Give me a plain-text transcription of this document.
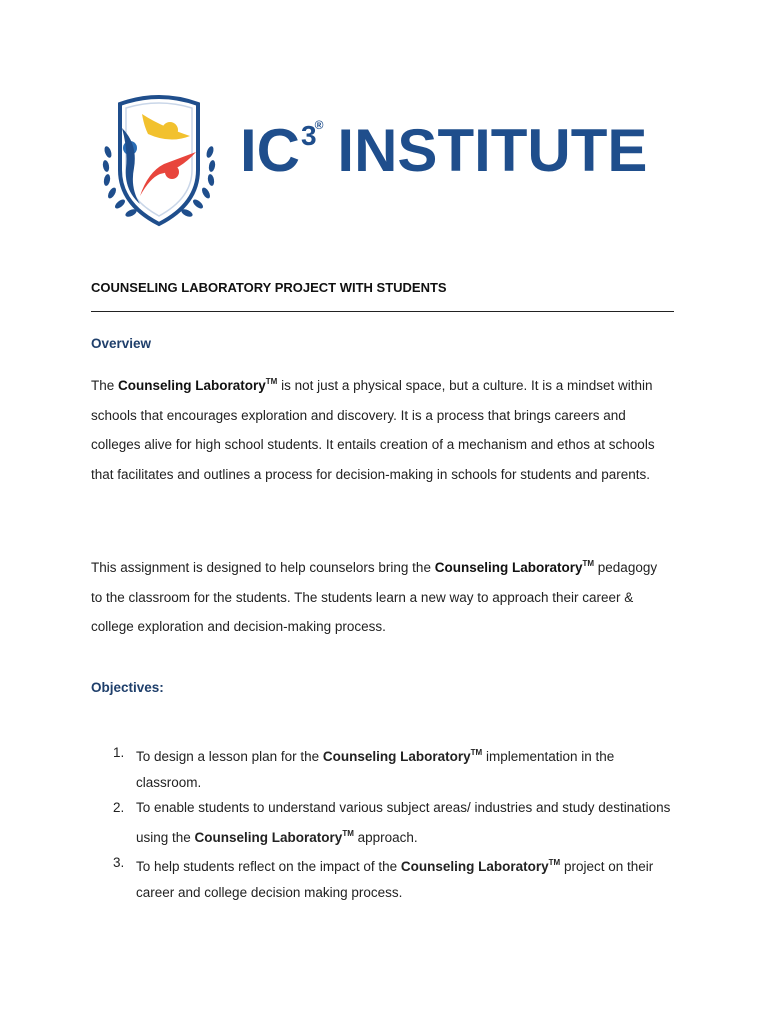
$IC^{3®}$ INSTITUTE
COUNSELING LABORATORY PROJECT WITH STUDENTS
Overview

The Counseling Laboratory™ is not just a physical space, but a culture. It is a mindset within schools that encourages exploration and discovery. It is a process that brings careers and colleges alive for high school students. It entails creation of a mechanism and ethos at schools that facilitates and outlines a process for decision-making in schools for students and parents.

This assignment is designed to help counselors bring the Counseling Laboratory™ pedagogy to the classroom for the students. The students learn a new way to approach their career & college exploration and decision-making process.

Objectives:
1. To design a lesson plan for the Counseling Laboratory™ implementation in the classroom.
2. To enable students to understand various subject areas/ industries and study destinations using the Counseling Laboratory™ approach.
3. To help students reflect on the impact of the Counseling Laboratory™ project on their career and college decision making process.
